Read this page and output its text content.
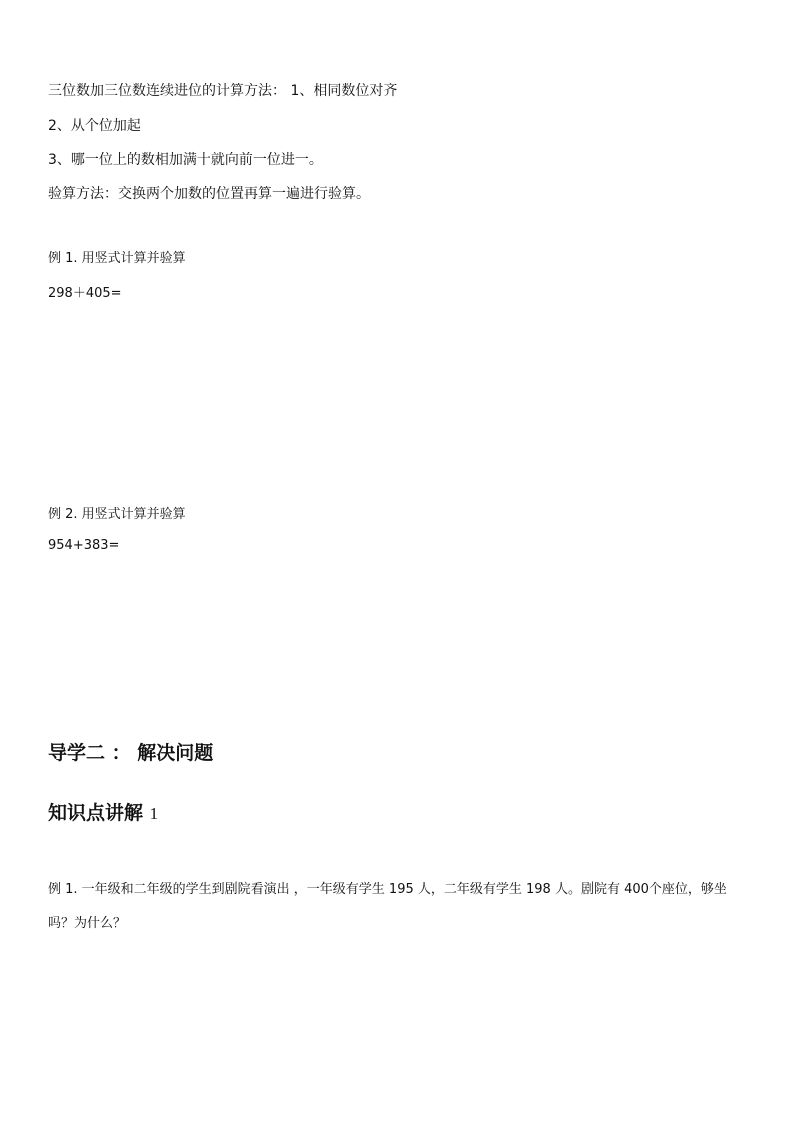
三位数加三位数连续进位的计算方法： 1、相同数位对齐
2、从个位加起
3、哪一位上的数相加满十就向前一位进一。
验算方法：交换两个加数的位置再算一遍进行验算。
例 1. 用竖式计算并验算
298＋405=
例 2. 用竖式计算并验算
954+383=
导学二 ： 解决问题
知识点讲解 1
例 1. 一年级和二年级的学生到剧院看演出 ，一年级有学生 195 人，二年级有学生 198 人。剧院有 400个座位，够坐吗？为什么？
